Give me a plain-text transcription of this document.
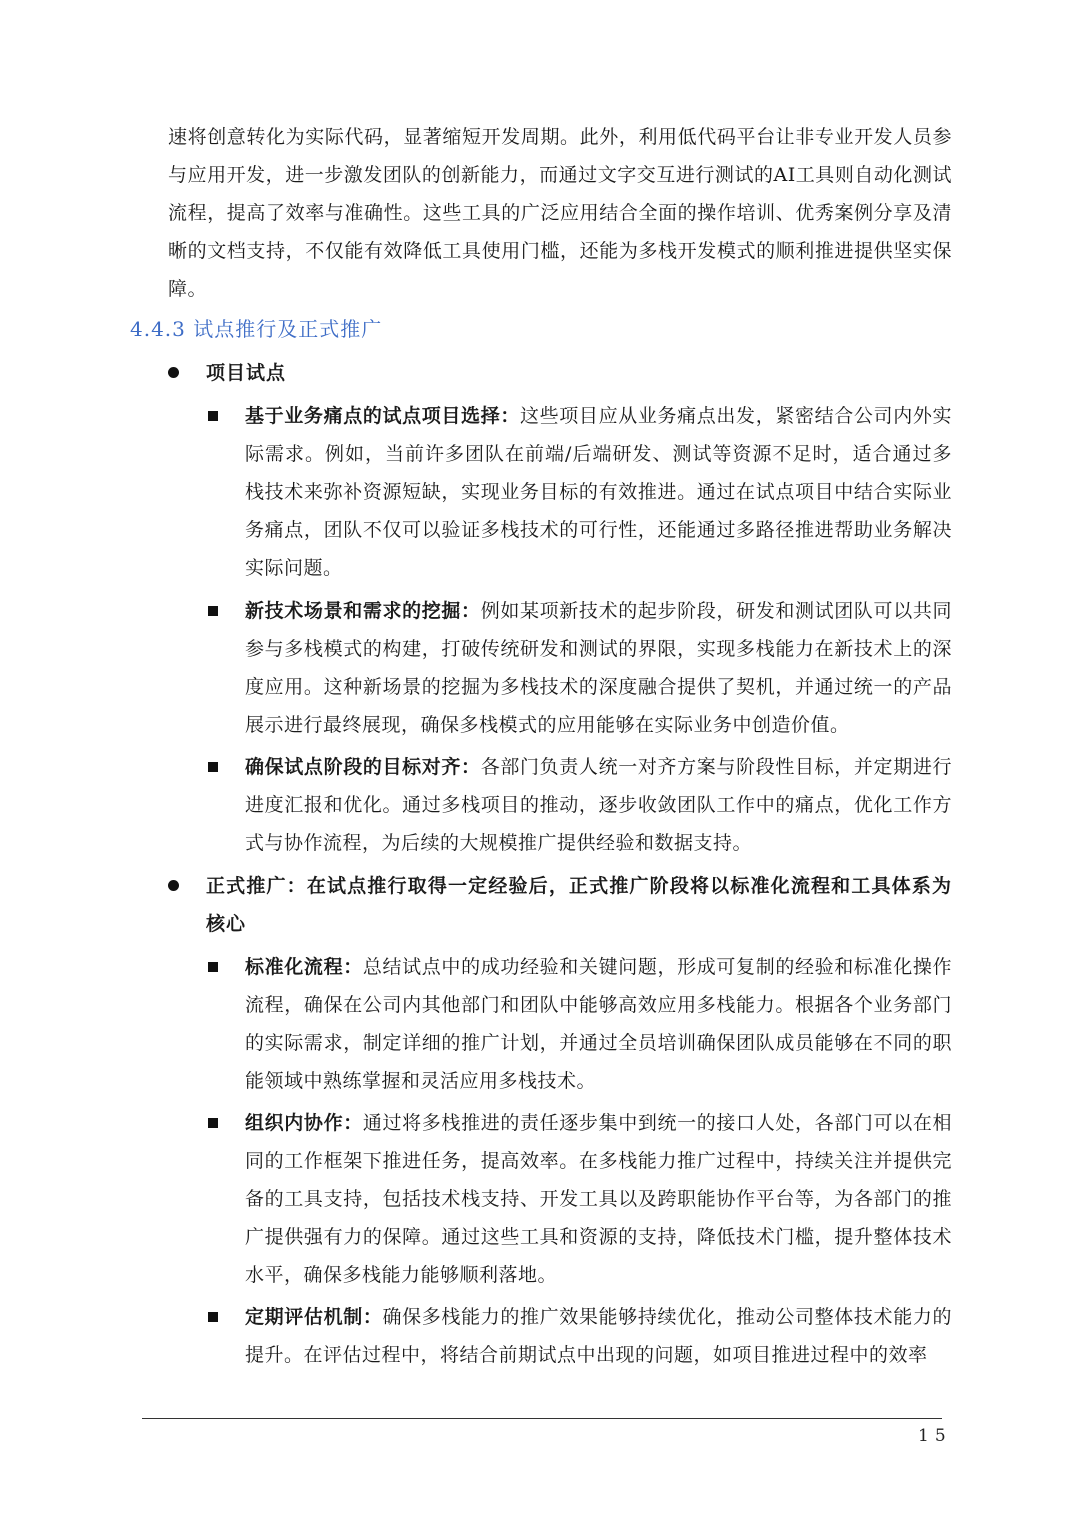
速将创意转化为实际代码，显著缩短开发周期。此外，利用低代码平台让非专业开发人员参与应用开发，进一步激发团队的创新能力，而通过文字交互进行测试的AI工具则自动化测试流程，提高了效率与准确性。这些工具的广泛应用结合全面的操作培训、优秀案例分享及清晰的文档支持，不仅能有效降低工具使用门槛，还能为多栈开发模式的顺利推进提供坚实保障。
4.4.3 试点推行及正式推广
项目试点
基于业务痛点的试点项目选择：这些项目应从业务痛点出发，紧密结合公司内外实际需求。例如，当前许多团队在前端/后端研发、测试等资源不足时，适合通过多栈技术来弥补资源短缺，实现业务目标的有效推进。通过在试点项目中结合实际业务痛点，团队不仅可以验证多栈技术的可行性，还能通过多路径推进帮助业务解决实际问题。
新技术场景和需求的挖掘：例如某项新技术的起步阶段，研发和测试团队可以共同参与多栈模式的构建，打破传统研发和测试的界限，实现多栈能力在新技术上的深度应用。这种新场景的挖掘为多栈技术的深度融合提供了契机，并通过统一的产品展示进行最终展现，确保多栈模式的应用能够在实际业务中创造价值。
确保试点阶段的目标对齐：各部门负责人统一对齐方案与阶段性目标，并定期进行进度汇报和优化。通过多栈项目的推动，逐步收敛团队工作中的痛点，优化工作方式与协作流程，为后续的大规模推广提供经验和数据支持。
正式推广：在试点推行取得一定经验后，正式推广阶段将以标准化流程和工具体系为核心
标准化流程：总结试点中的成功经验和关键问题，形成可复制的经验和标准化操作流程，确保在公司内其他部门和团队中能够高效应用多栈能力。根据各个业务部门的实际需求，制定详细的推广计划，并通过全员培训确保团队成员能够在不同的职能领域中熟练掌握和灵活应用多栈技术。
组织内协作：通过将多栈推进的责任逐步集中到统一的接口人处，各部门可以在相同的工作框架下推进任务，提高效率。在多栈能力推广过程中，持续关注并提供完备的工具支持，包括技术栈支持、开发工具以及跨职能协作平台等，为各部门的推广提供强有力的保障。通过这些工具和资源的支持，降低技术门槛，提升整体技术水平，确保多栈能力能够顺利落地。
定期评估机制：确保多栈能力的推广效果能够持续优化，推动公司整体技术能力的提升。在评估过程中，将结合前期试点中出现的问题，如项目推进过程中的效率
15
